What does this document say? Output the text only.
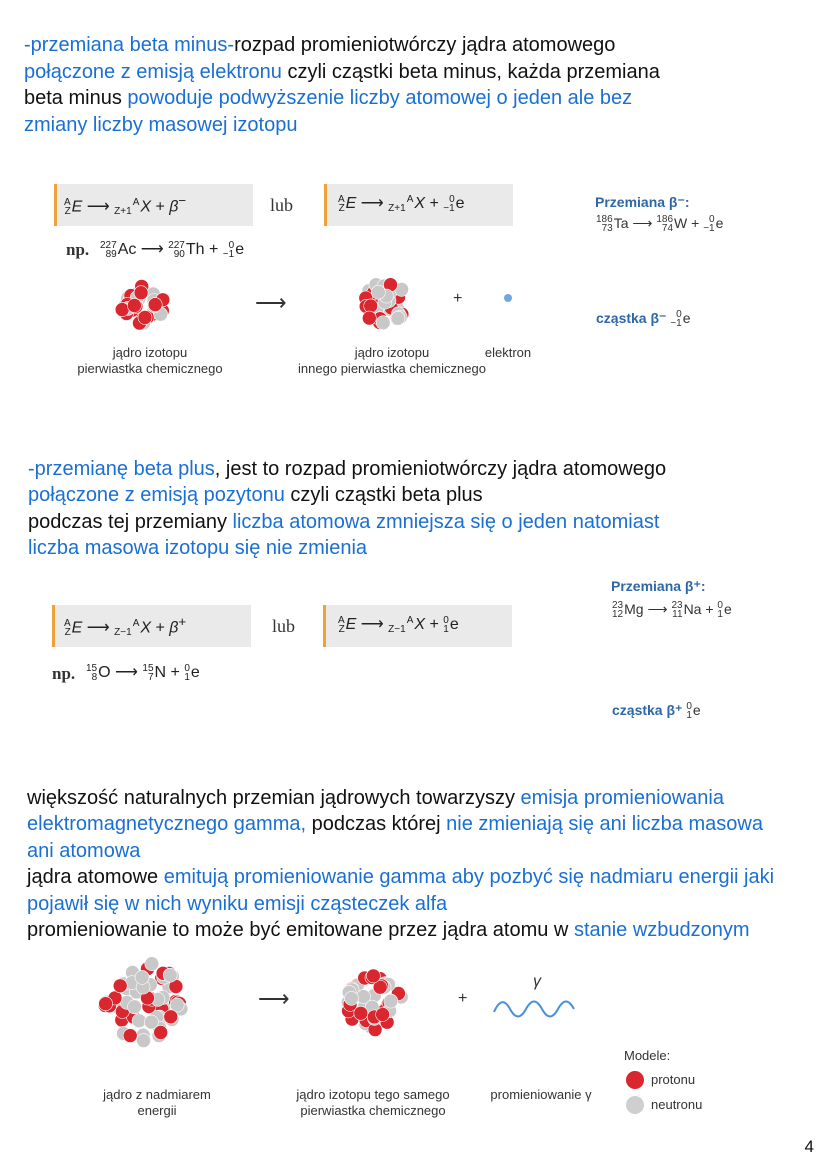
-przemiana beta minus-rozpad promieniotwórczy jądra atomowego połączone z emisją elektronu czyli cząstki beta minus, każda przemiana beta minus powoduje podwyższenie liczby atomowej o jeden ale bez zmiany liczby masowej izotopu

A
ZE ⟶
Z+1A
X + β−	lub	A
ZE ⟶
Z+1A
X + 0
−1e
np. 227
89Ac ⟶ 227
90Th + 0
−1e
⟶	+
jądro izotopu
pierwiastka chemicznego
jądro izotopu
innego pierwiastka chemicznego
elektron
Przemiana β⁻:
186
73Ta ⟶ 186
74W + 0
−1e
cząstka β⁻ 0
−1e

-przemianę beta plus, jest to rozpad promieniotwórczy jądra atomowego połączone z emisją pozytonu czyli cząstki beta plus
podczas tej przemiany liczba atomowa zmniejsza się o jeden natomiast liczba masowa izotopu się nie zmienia

A
ZE ⟶
Z−1A
X + β+	lub	A
ZE ⟶
Z−1A
X + 0
1e
np. 15
8O ⟶ 15
7N + 0
1e
Przemiana β⁺:
23
12Mg ⟶ 23
11Na + 0
1e
cząstka β⁺ 0
1e

większość naturalnych przemian jądrowych towarzyszy emisja promieniowania elektromagnetycznego gamma, podczas której nie zmieniają się ani liczba masowa ani atomowa
jądra atomowe emitują promieniowanie gamma aby pozbyć się nadmiaru energii jaki pojawił się w nich wyniku emisji cząsteczek alfa
promieniowanie to może być emitowane przez jądra atomu w stanie wzbudzonym

⟶	+
γ
jądro z nadmiarem
energii
jądro izotopu tego samego
pierwiastka chemicznego
promieniowanie γ
Modele:
protonu
neutronu
4
